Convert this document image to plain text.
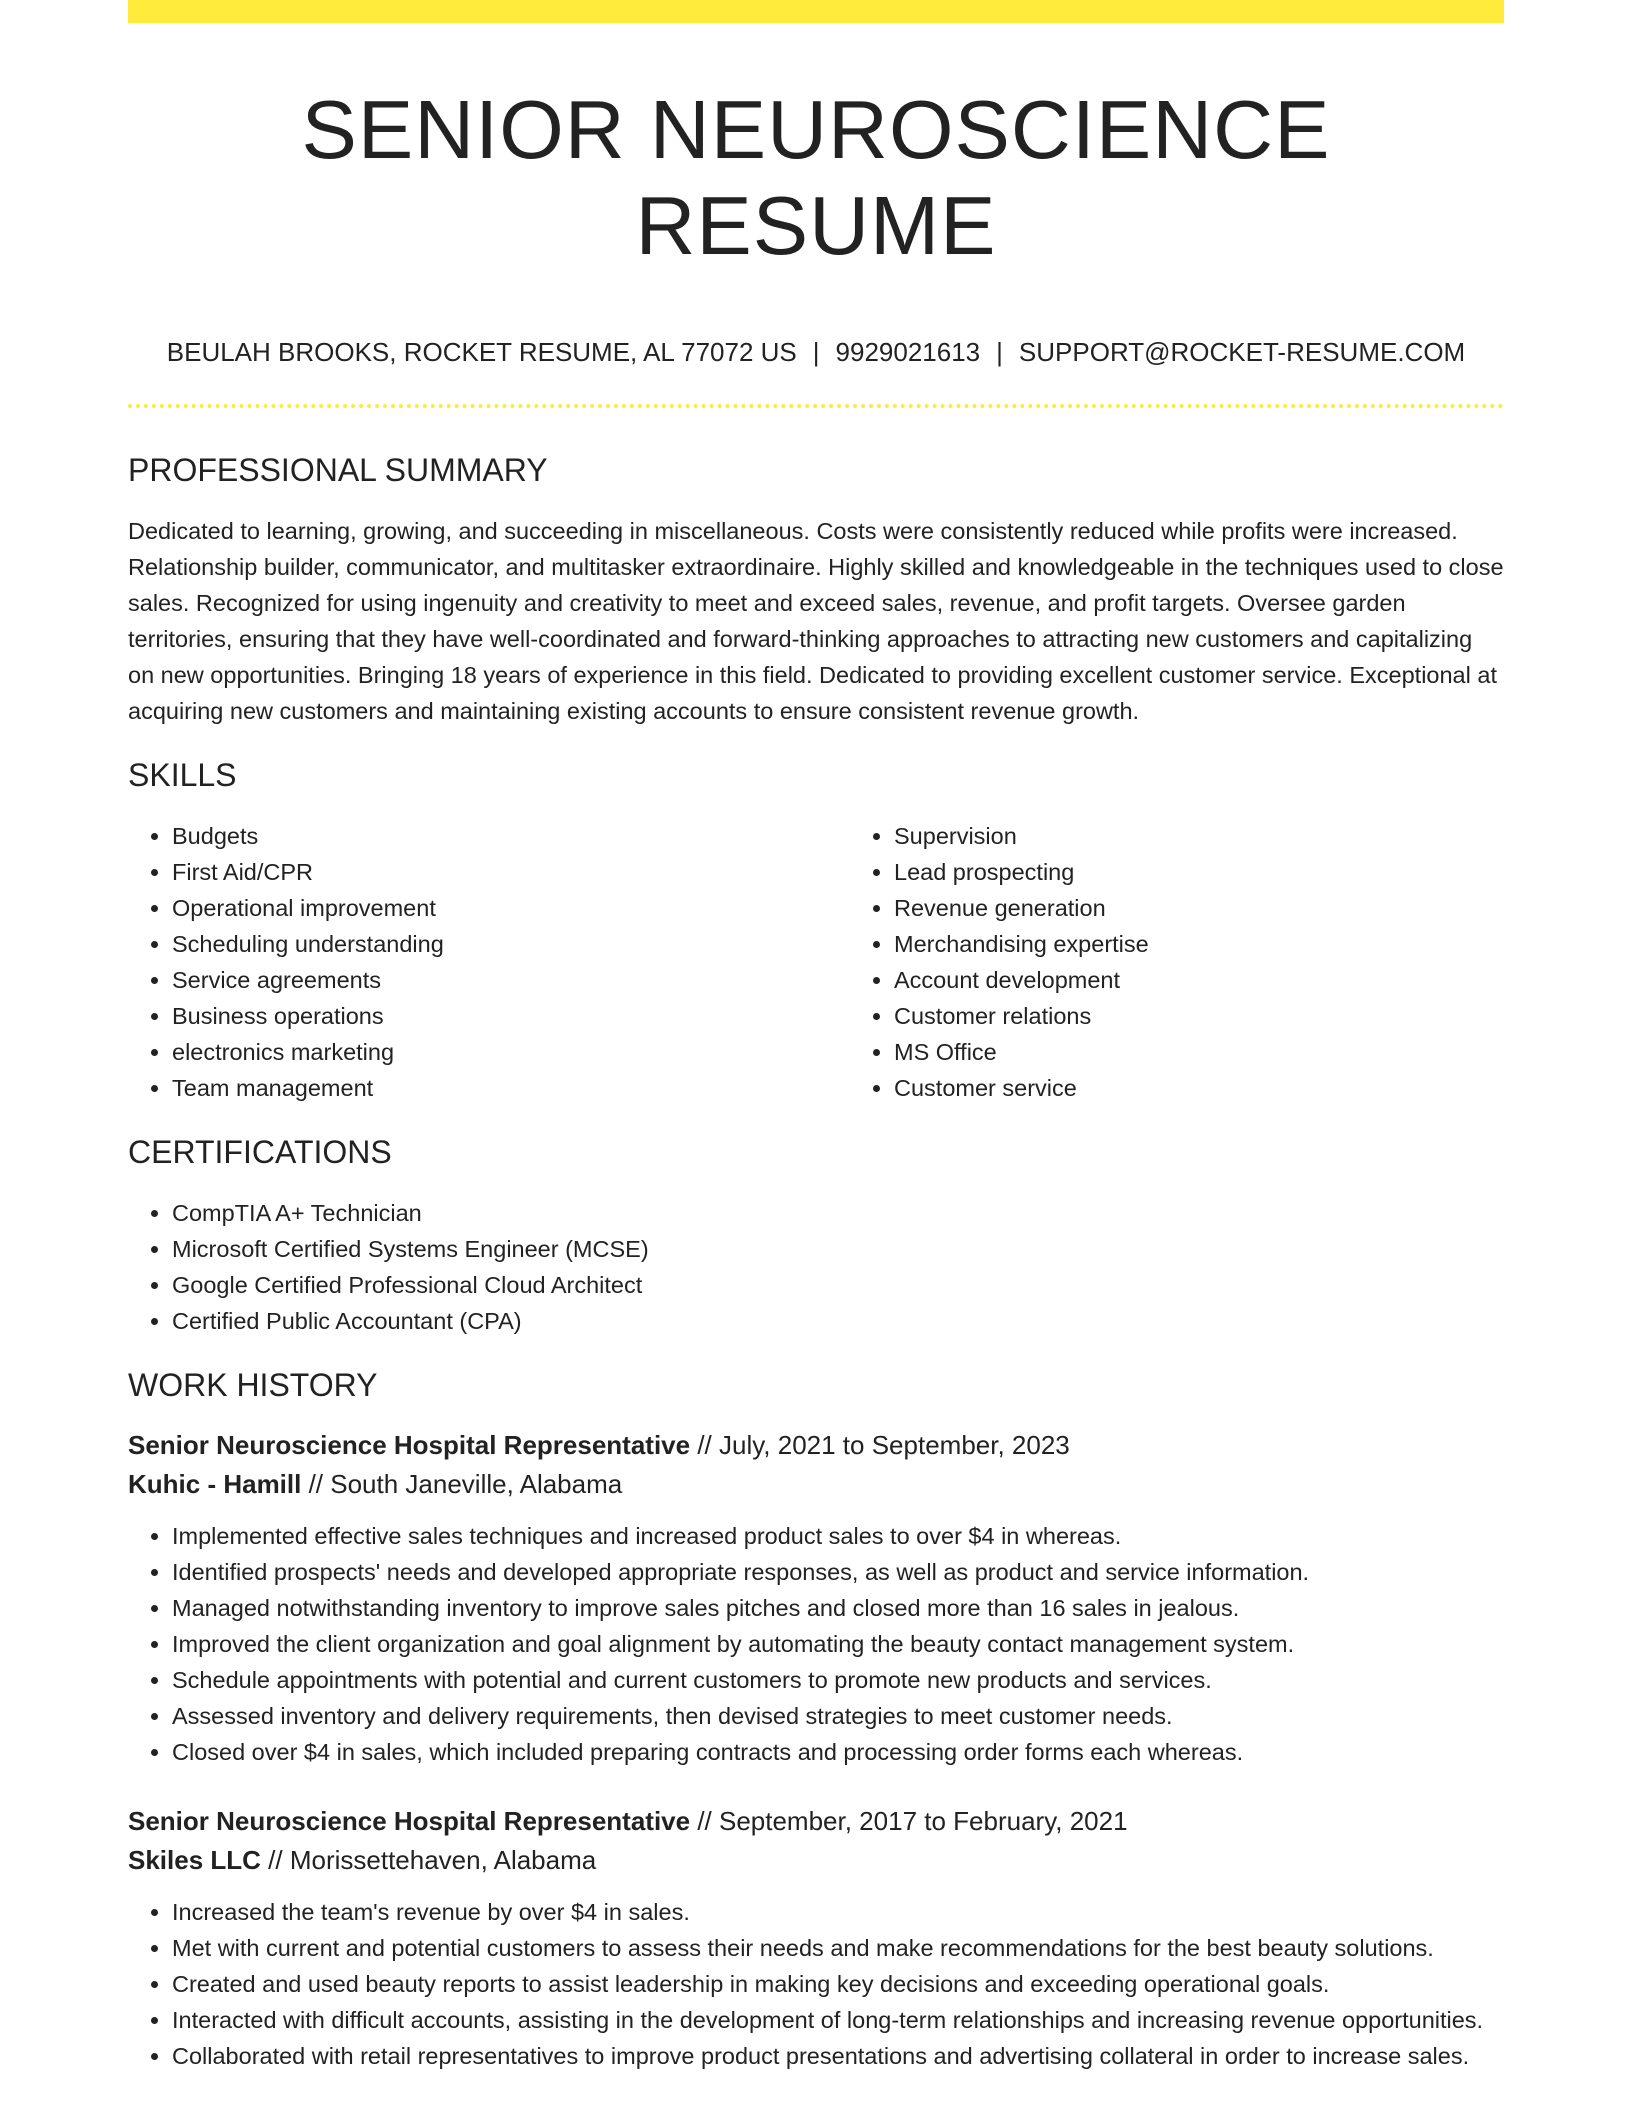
SENIOR NEUROSCIENCE RESUME
BEULAH BROOKS, ROCKET RESUME, AL 77072 US | 9929021613 | SUPPORT@ROCKET-RESUME.COM
PROFESSIONAL SUMMARY

Dedicated to learning, growing, and succeeding in miscellaneous. Costs were consistently reduced while profits were increased. Relationship builder, communicator, and multitasker extraordinaire. Highly skilled and knowledgeable in the techniques used to close sales. Recognized for using ingenuity and creativity to meet and exceed sales, revenue, and profit targets. Oversee garden territories, ensuring that they have well-coordinated and forward-thinking approaches to attracting new customers and capitalizing on new opportunities. Bringing 18 years of experience in this field. Dedicated to providing excellent customer service. Exceptional at acquiring new customers and maintaining existing accounts to ensure consistent revenue growth.

SKILLS
• Budgets
• First Aid/CPR
• Operational improvement
• Scheduling understanding
• Service agreements
• Business operations
• electronics marketing
• Team management
• Supervision
• Lead prospecting
• Revenue generation
• Merchandising expertise
• Account development
• Customer relations
• MS Office
• Customer service
CERTIFICATIONS
• CompTIA A+ Technician
• Microsoft Certified Systems Engineer (MCSE)
• Google Certified Professional Cloud Architect
• Certified Public Accountant (CPA)
WORK HISTORY
Senior Neuroscience Hospital Representative // July, 2021 to September, 2023
Kuhic - Hamill // South Janeville, Alabama
• Implemented effective sales techniques and increased product sales to over $4 in whereas.
• Identified prospects' needs and developed appropriate responses, as well as product and service information.
• Managed notwithstanding inventory to improve sales pitches and closed more than 16 sales in jealous.
• Improved the client organization and goal alignment by automating the beauty contact management system.
• Schedule appointments with potential and current customers to promote new products and services.
• Assessed inventory and delivery requirements, then devised strategies to meet customer needs.
• Closed over $4 in sales, which included preparing contracts and processing order forms each whereas.
Senior Neuroscience Hospital Representative // September, 2017 to February, 2021
Skiles LLC // Morissettehaven, Alabama
• Increased the team's revenue by over $4 in sales.
• Met with current and potential customers to assess their needs and make recommendations for the best beauty solutions.
• Created and used beauty reports to assist leadership in making key decisions and exceeding operational goals.
• Interacted with difficult accounts, assisting in the development of long-term relationships and increasing revenue opportunities.
• Collaborated with retail representatives to improve product presentations and advertising collateral in order to increase sales.
